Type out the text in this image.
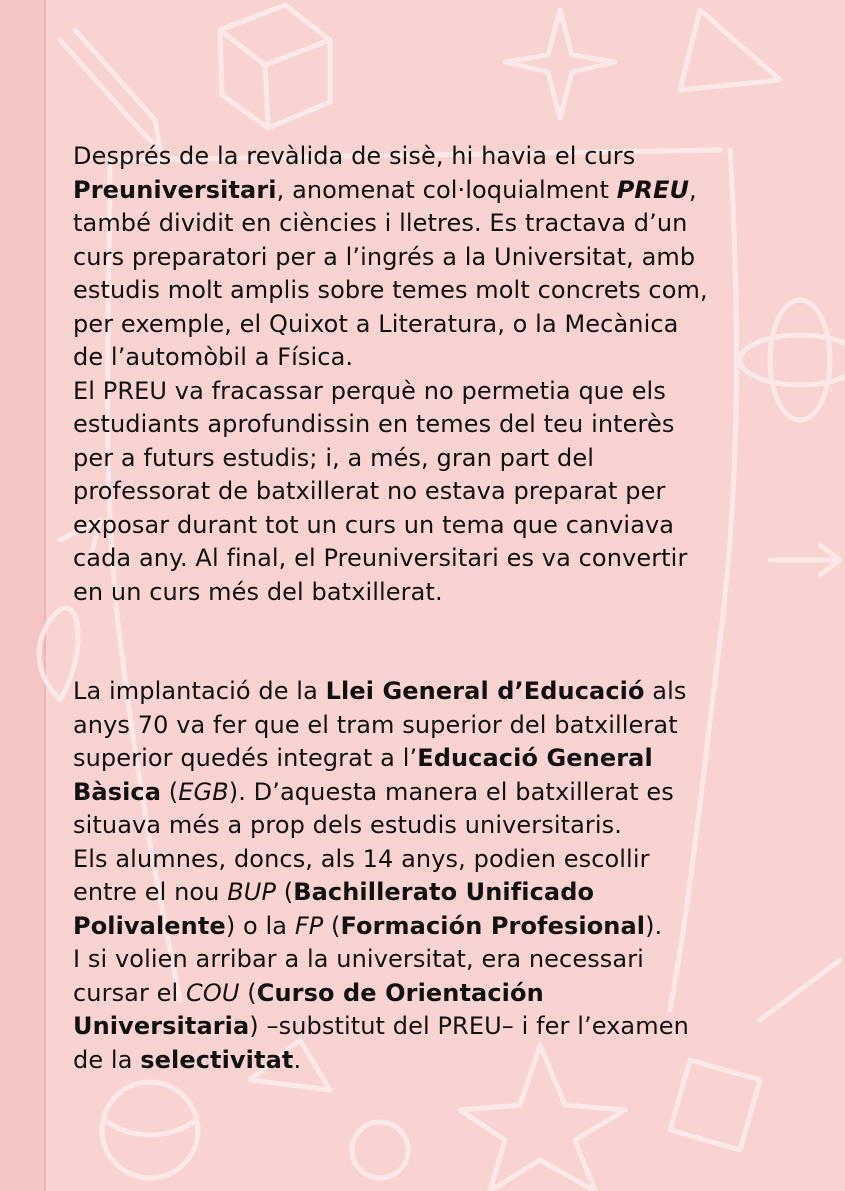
Després de la revàlida de sisè, hi havia el curs
Preuniversitari, anomenat col·loquialment PREU,
també dividit en ciències i lletres. Es tractava d’un
curs preparatori per a l’ingrés a la Universitat, amb
estudis molt amplis sobre temes molt concrets com,
per exemple, el Quixot a Literatura, o la Mecànica
de l’automòbil a Física.
El PREU va fracassar perquè no permetia que els
estudiants aprofundissin en temes del teu interès
per a futurs estudis; i, a més, gran part del
professorat de batxillerat no estava preparat per
exposar durant tot un curs un tema que canviava
cada any. Al final, el Preuniversitari es va convertir
en un curs més del batxillerat.
La implantació de la Llei General d’Educació als
anys 70 va fer que el tram superior del batxillerat
superior quedés integrat a l’Educació General
Bàsica (EGB). D’aquesta manera el batxillerat es
situava més a prop dels estudis universitaris.
Els alumnes, doncs, als 14 anys, podien escollir
entre el nou BUP (Bachillerato Unificado
Polivalente) o la FP (Formación Profesional).
I si volien arribar a la universitat, era necessari
cursar el COU (Curso de Orientación
Universitaria) –substitut del PREU– i fer l’examen
de la selectivitat.
